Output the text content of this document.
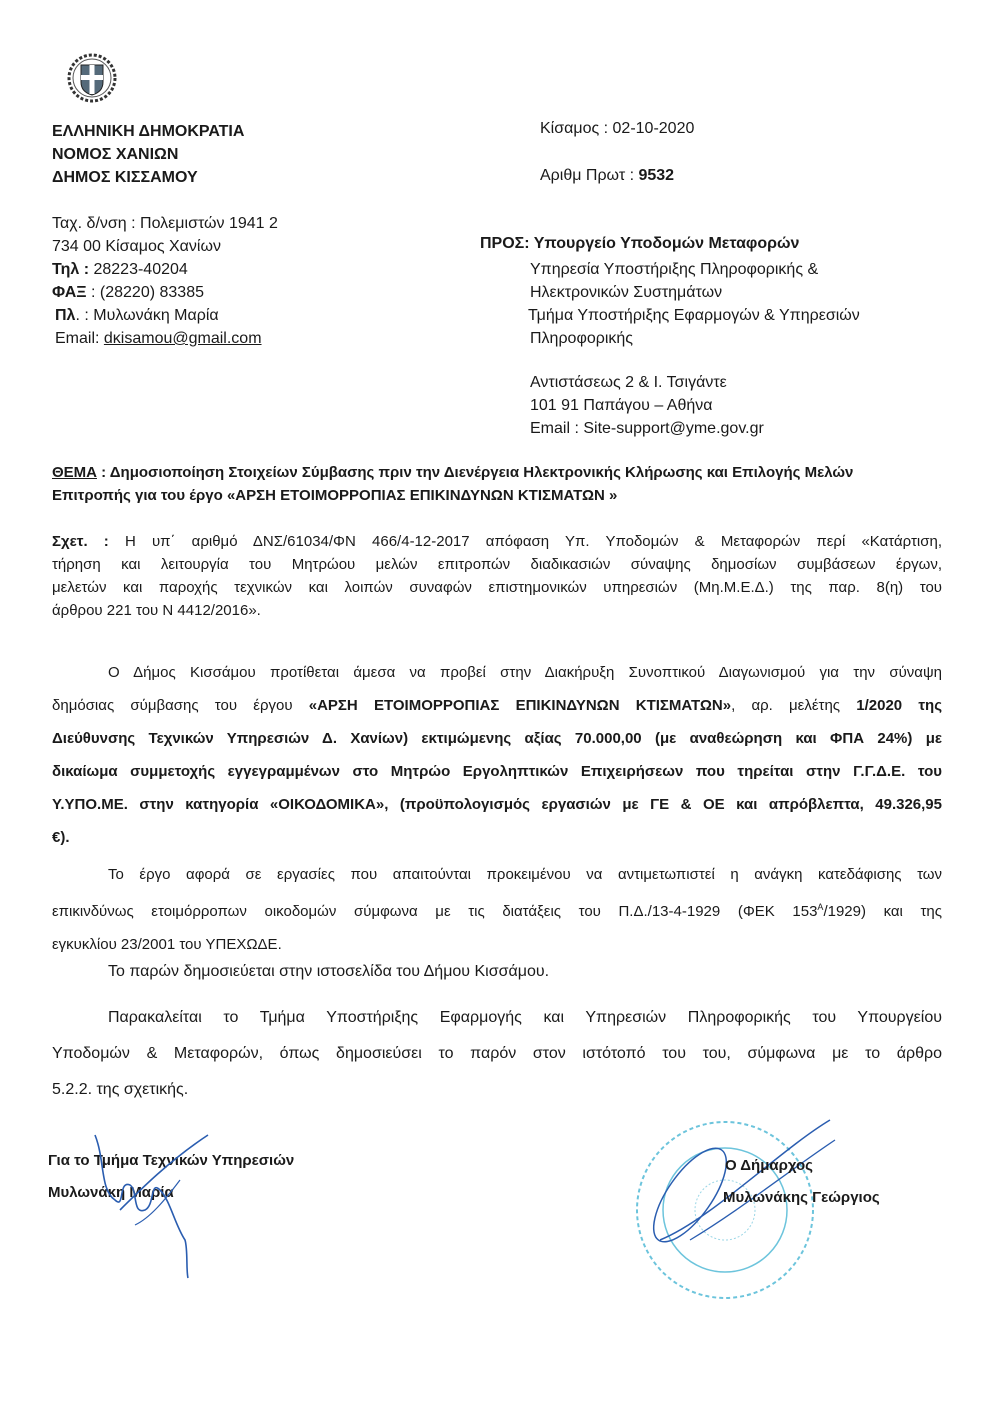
ΕΛΛΗΝΙΚΗ ΔΗΜΟΚΡΑΤΙΑ
ΝΟΜΟΣ ΧΑΝΙΩΝ
ΔΗΜΟΣ ΚΙΣΣΑΜΟΥ
Κίσαμος : 02-10-2020
Αριθμ Πρωτ : 9532
Ταχ. δ/νση : Πολεμιστών 1941 2
734 00 Κίσαμος Χανίων
Τηλ : 28223-40204
ΦΑΞ : (28220) 83385
Πλ. : Μυλωνάκη Μαρία
Email: dκisamou@gmail.com
ΠΡΟΣ: Υπουργείο Υποδομών Μεταφορών
Υπηρεσία Υποστήριξης Πληροφορικής &
Ηλεκτρονικών Συστημάτων
Τμήμα Υποστήριξης Εφαρμογών & Υπηρεσιών
Πληροφορικής
Αντιστάσεως 2 & Ι. Τσιγάντε
101 91 Παπάγου – Αθήνα
Email : Site-support@yme.gov.gr
ΘΕΜΑ : Δημοσιοποίηση Στοιχείων Σύμβασης πριν την Διενέργεια Ηλεκτρονικής Κλήρωσης και Επιλογής Μελών
Επιτροπής για του έργο «ΑΡΣΗ ΕΤΟΙΜΟΡΡΟΠΙΑΣ ΕΠΙΚΙΝΔΥΝΩΝ ΚΤΙΣΜΑΤΩΝ »
Σχετ. : Η υπ΄ αριθμό ΔΝΣ/61034/ΦΝ 466/4-12-2017 απόφαση Υπ. Υποδομών & Μεταφορών περί «Κατάρτιση,
τήρηση και λειτουργία του Μητρώου μελών επιτροπών διαδικασιών σύναψης δημοσίων συμβάσεων έργων,
μελετών και παροχής τεχνικών και λοιπών συναφών επιστημονικών υπηρεσιών (Μη.Μ.Ε.Δ.) της παρ. 8(η) του
άρθρου 221 του Ν 4412/2016».
Ο Δήμος Κισσάμου προτίθεται άμεσα να προβεί στην Διακήρυξη Συνοπτικού Διαγωνισμού για την σύναψη
δημόσιας σύμβασης του έργου «ΑΡΣΗ ΕΤΟΙΜΟΡΡΟΠΙΑΣ ΕΠΙΚΙΝΔΥΝΩΝ ΚΤΙΣΜΑΤΩΝ», αρ. μελέτης 1/2020 της
Διεύθυνσης Τεχνικών Υπηρεσιών Δ. Χανίων) εκτιμώμενης αξίας 70.000,00 (με αναθεώρηση και ΦΠΑ 24%) με
δικαίωμα συμμετοχής εγγεγραμμένων στο Μητρώο Εργοληπτικών Επιχειρήσεων που τηρείται στην Γ.Γ.Δ.Ε. του
Υ.ΥΠΟ.ΜΕ. στην κατηγορία «ΟΙΚΟΔΟΜΙΚΑ», (προϋπολογισμός εργασιών με ΓΕ & ΟΕ και απρόβλεπτα, 49.326,95
€).
Το έργο αφορά σε εργασίες που απαιτούνται προκειμένου να αντιμετωπιστεί η ανάγκη κατεδάφισης των
επικινδύνως ετοιμόρροπων οικοδομών σύμφωνα με τις διατάξεις του Π.Δ./13-4-1929 (ΦΕΚ $153^A/1929$) και της
εγκυκλίου 23/2001 του ΥΠΕΧΩΔΕ.
Το παρών δημοσιεύεται στην ιστοσελίδα του Δήμου Κισσάμου.
Παρακαλείται το Τμήμα Υποστήριξης Εφαρμογής και Υπηρεσιών Πληροφορικής του Υπουργείου
Υποδομών & Μεταφορών, όπως δημοσιεύσει το παρόν στον ιστότοπό του του, σύμφωνα με το άρθρο
5.2.2. της σχετικής.
Για το Τμήμα Τεχνικών Υπηρεσιών
Μυλωνάκη Μαρία
Ο Δήμαρχος
Μυλωνάκης Γεώργιος
